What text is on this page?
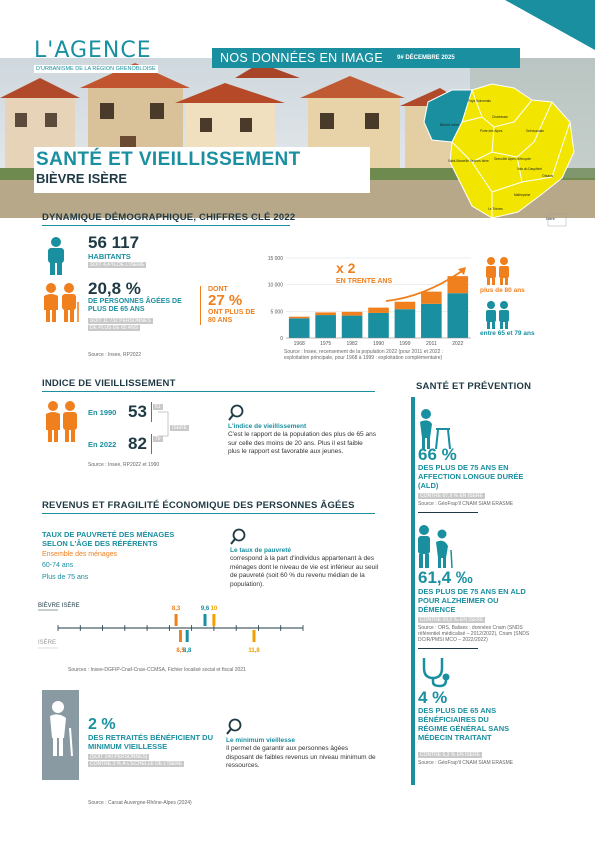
L'AGENCE
D'URBANISME DE LA RÉGION GRENOBLOISE
NOS DONNÉES EN IMAGE 9# DÉCEMBRE 2025
SANTÉ ET VIEILLISSEMENT
BIÈVRE ISÈRE
Bièvre Isère
Porte des Alpes	Grésivaudan
Chartreuse
Saint-Marcellin Vercors Isère Grenoble Alpes Métropole
Vals du Dauphiné
Oisans
Matheysine
Le Trièves
Pays Voironnais
Isère
DYNAMIQUE DÉMOGRAPHIQUE, CHIFFRES CLÉ 2022
56 117
HABITANTS
SOIT 4,4 % DE L'ISÈRE
20,8 %
DE PERSONNES ÂGÉES DE PLUS DE 65 ANS
SOIT 11 732 PERSONNES
DE PLUS DE 65 ANS
DONT
27 %
ONT PLUS DE 80 ANS
Source : Insee, RP2022
0
5 000
10 000
15 000
1968	1975	1982	1990	1999	2011	2022
x 2
EN TRENTE ANS
plus de 80 ans
entre 65 et 79 ans
Source : Insee, recensement de la population 2022 (pour 2011 et 2022 :
exploitation principale, pour 1968 à 1999 : exploitation complémentaire)
INDICE DE VIEILLISSEMENT
En 1990 53	51
En 2022 82	79
ISÈRE
Source : Insee, RP2022 et 1990
L'indice de vieillissement
C'est le rapport de la population des plus de 65 ans sur celle des moins de 20 ans. Plus il est faible plus le rapport est favorable aux jeunes.
REVENUS ET FRAGILITÉ ÉCONOMIQUE DES PERSONNES ÂGÉES
TAUX DE PAUVRETÉ DES MÉNAGES SELON L'ÂGE DES RÉFÉRENTS
Ensemble des ménages
60-74 ans
Plus de 75 ans
Le taux de pauvreté
correspond à la part d'individus appartenant à des ménages dont le niveau de vie est inférieur au seuil de pauvreté (soit 60 % du revenu médian de la population).
BIÈVRE ISÈRE
ISÈRE
8,3	9,6 10
8,5
8,8	11,8
Sources : Insee-DGFIP-Cnaf-Cnav-CCMSA, Fichier localisé social et fiscal 2021
2 %
DES RETRAITÉS BÉNÉFICIENT DU MINIMUM VIEILLESSE
(SOIT 240 PERSONNES)
CONTRE 3 % À L'ÉCHELLE DE L'ISÈRE
Le minimum vieillesse
Il permet de garantir aux personnes âgées disposant de faibles revenus un niveau minimum de ressources.
Source : Carsat Auvergne-Rhône-Alpes (2024)
SANTÉ ET PRÉVENTION
66 %
DES PLUS DE 75 ANS EN AFFECTION LONGUE DURÉE (ALD)
CONTRE 67,9 % EN ISÈRE
Source : GéoFrap'il CNAM SIAM ERASME
61,4 ‰
DES PLUS DE 75 ANS EN ALD POUR ALZHEIMER OU DÉMENCE
CONTRE 59,0 ‰ EN ISÈRE
Source : ORS, Balises : données Cnam (SNDS référentiel médicalisé – 2012/2022), Cnam (SNDS DCIR/PMSI MCO – 2022/2022)
4 %
DES PLUS DE 65 ANS BÉNÉFICIAIRES DU RÉGIME GÉNÉRAL SANS MÉDECIN TRAITANT
CONTRE 6,3 % EN ISÈRE
Source : GéoFrap'il CNAM SIAM ERASME
